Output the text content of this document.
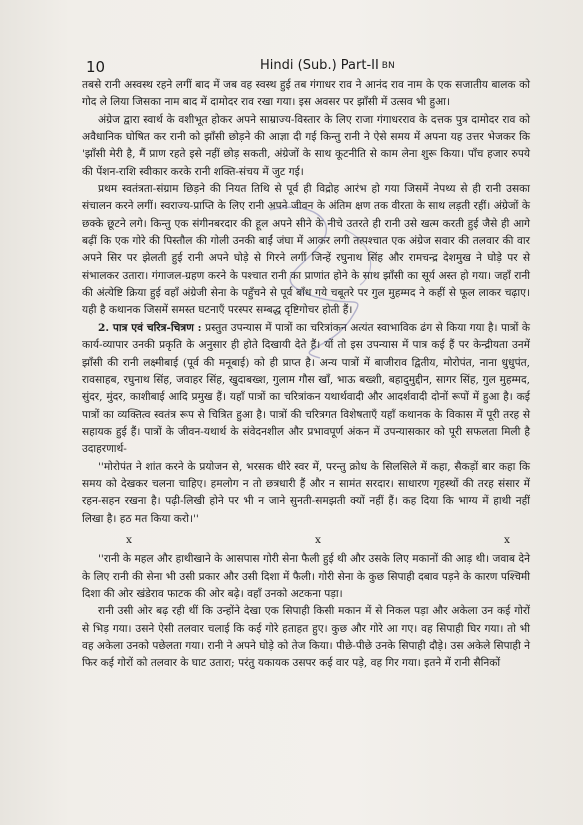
10	Hindi (Sub.) Part-II BN

तबसे रानी अस्वस्थ रहने लगीं बाद में जब वह स्वस्थ हुई तब गंगाधर राव ने आनंद राव नाम के एक सजातीय बालक को गोद ले लिया जिसका नाम बाद में दामोदर राव रखा गया। इस अवसर पर झाँसी में उत्सव भी हुआ।

अंग्रेज द्वारा स्वार्थ के वशीभूत होकर अपने साम्राज्य-विस्तार के लिए राजा गंगाधरराव के दत्तक पुत्र दामोदर राव को अवैधानिक घोषित कर रानी को झाँसी छोड़ने की आज्ञा दी गई किन्तु रानी ने ऐसे समय में अपना यह उत्तर भेजकर कि 'झाँसी मेरी है, मैं प्राण रहते इसे नहीं छोड़ सकती, अंग्रेजों के साथ कूटनीति से काम लेना शुरू किया। पाँच हजार रुपये की पेंशन-राशि स्वीकार करके रानी शक्ति-संचय में जुट गई।

प्रथम स्वतंत्रता-संग्राम छिड़ने की नियत तिथि से पूर्व ही विद्रोह आरंभ हो गया जिसमें नेपथ्य से ही रानी उसका संचालन करने लगीं। स्वराज्य-प्राप्ति के लिए रानी अपने जीवन के अंतिम क्षण तक वीरता के साथ लड़ती रहीं। अंग्रेजों के छक्के छूटने लगे। किन्तु एक संगीनबरदार की हूल अपने सीने के नीचे उतरते ही रानी उसे खत्म करती हुई जैसे ही आगे बढ़ीं कि एक गोरे की पिस्तौल की गोली उनकी बाईं जंघा में आकर लगी तत्पश्चात एक अंग्रेज सवार की तलवार की वार अपने सिर पर झेलती हुई रानी अपने घोड़े से गिरने लगीं जिन्हें रघुनाथ सिंह और रामचन्द्र देशमुख ने घोड़े पर से संभालकर उतारा। गंगाजल-ग्रहण करने के पश्चात रानी का प्राणांत होने के साथ झाँसी का सूर्य अस्त हो गया। जहाँ रानी की अंत्येष्टि क्रिया हुई वहाँ अंग्रेजी सेना के पहुँचने से पूर्व बाँध गये चबूतरे पर गुल मुहम्मद ने कहीं से फूल लाकर चढ़ाए। यही है कथानक जिसमें समस्त घटनाएँ परस्पर सम्बद्ध दृष्टिगोचर होती हैं।

2. पात्र एवं चरित्र-चित्रण : प्रस्तुत उपन्यास में पात्रों का चरित्रांकन अत्यंत स्वाभाविक ढंग से किया गया है। पात्रों के कार्य-व्यापार उनकी प्रकृति के अनुसार ही होते दिखायी देते हैं। यों तो इस उपन्यास में पात्र कई हैं पर केन्द्रीयता उनमें झाँसी की रानी लक्ष्मीबाई (पूर्व की मनूबाई) को ही प्राप्त है। अन्य पात्रों में बाजीराव द्वितीय, मोरोपंत, नाना धुधुपंत, रावसाहब, रघुनाथ सिंह, जवाहर सिंह, खुदाबख्श, गुलाम गौस खाँ, भाऊ बख्शी, बहादुमुद्दीन, सागर सिंह, गुल मुहम्मद, सुंदर, मुंदर, काशीबाई आदि प्रमुख हैं। यहाँ पात्रों का चरित्रांकन यथार्थवादी और आदर्शवादी दोनों रूपों में हुआ है। कई पात्रों का व्यक्तित्व स्वतंत्र रूप से चित्रित हुआ है। पात्रों की चरित्रगत विशेषताएँ यहाँ कथानक के विकास में पूरी तरह से सहायक हुई हैं। पात्रों के जीवन-यथार्थ के संवेदनशील और प्रभावपूर्ण अंकन में उपन्यासकार को पूरी सफलता मिली है उदाहरणार्थ-

''मोरोपंत ने शांत करने के प्रयोजन से, भरसक धीरे स्वर में, परन्तु क्रोध के सिलसिले में कहा, सैकड़ों बार कहा कि समय को देखकर चलना चाहिए। हमलोग न तो छत्रधारी हैं और न सामंत सरदार। साधारण गृहस्थों की तरह संसार में रहन-सहन रखना है। पढ़ी-लिखी होने पर भी न जाने सुनती-समझती क्यों नहीं हैं। कह दिया कि भाग्य में हाथी नहीं लिखा है। हठ मत किया करो।''

x	x	x

''रानी के महल और हाथीखाने के आसपास गोरी सेना फैली हुई थी और उसके लिए मकानों की आड़ थी। जवाब देने के लिए रानी की सेना भी उसी प्रकार और उसी दिशा में फैली। गोरी सेना के कुछ सिपाही दबाव पड़ने के कारण पश्चिमी दिशा की ओर खंडेराव फाटक की ओर बढ़े। वहाँ उनको अटकना पड़ा।

रानी उसी ओर बढ़ रही थीं कि उन्होंने देखा एक सिपाही किसी मकान में से निकल पड़ा और अकेला उन कई गोरों से भिड़ गया। उसने ऐसी तलवार चलाई कि कई गोरे हताहत हुए। कुछ और गोरे आ गए। वह सिपाही घिर गया। तो भी वह अकेला उनको पछेलता गया। रानी ने अपने घोड़े को तेज किया। पीछे-पीछे उनके सिपाही दौड़े। उस अकेले सिपाही ने फिर कई गोरों को तलवार के घाट उतारा; परंतु यकायक उसपर कई वार पड़े, वह गिर गया। इतने में रानी सैनिकों
